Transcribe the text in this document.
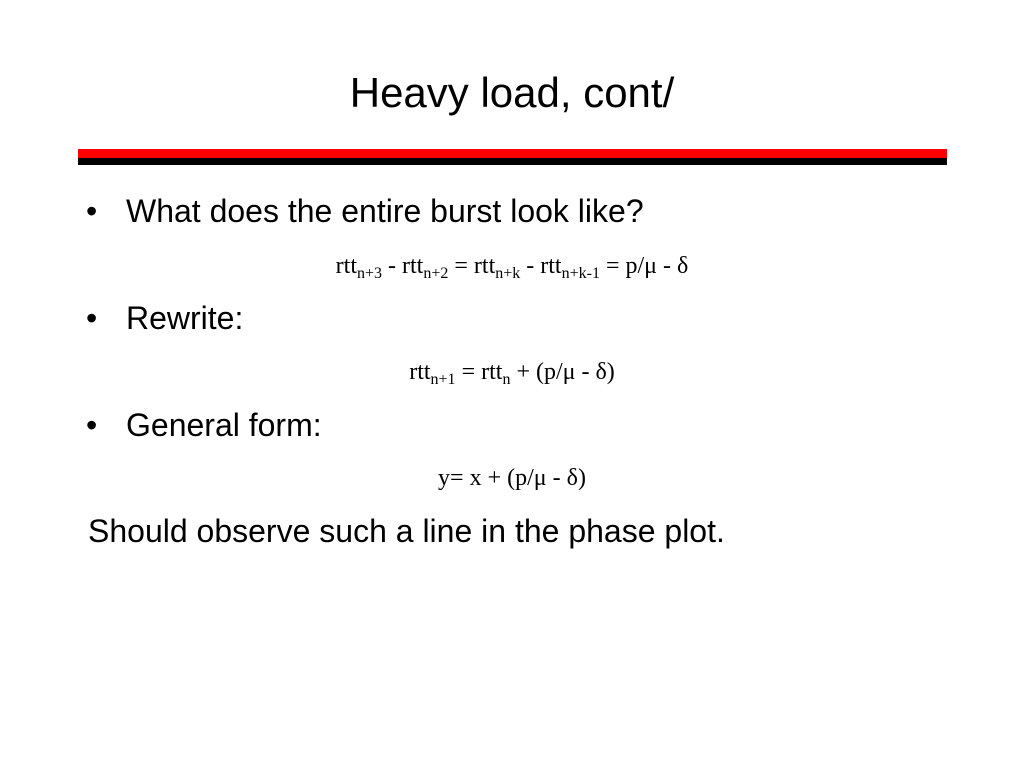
Heavy load, cont/
• What does the entire burst look like?
rtt$_{n+3}$ - rtt$_{n+2}$ = rtt$_{n+k}$ - rtt$_{n+k-1}$ = p/μ - δ
• Rewrite:
rtt$_{n+1}$ = rtt$_n$ + (p/μ - δ)
• General form:
y= x + (p/μ - δ)
Should observe such a line in the phase plot.
